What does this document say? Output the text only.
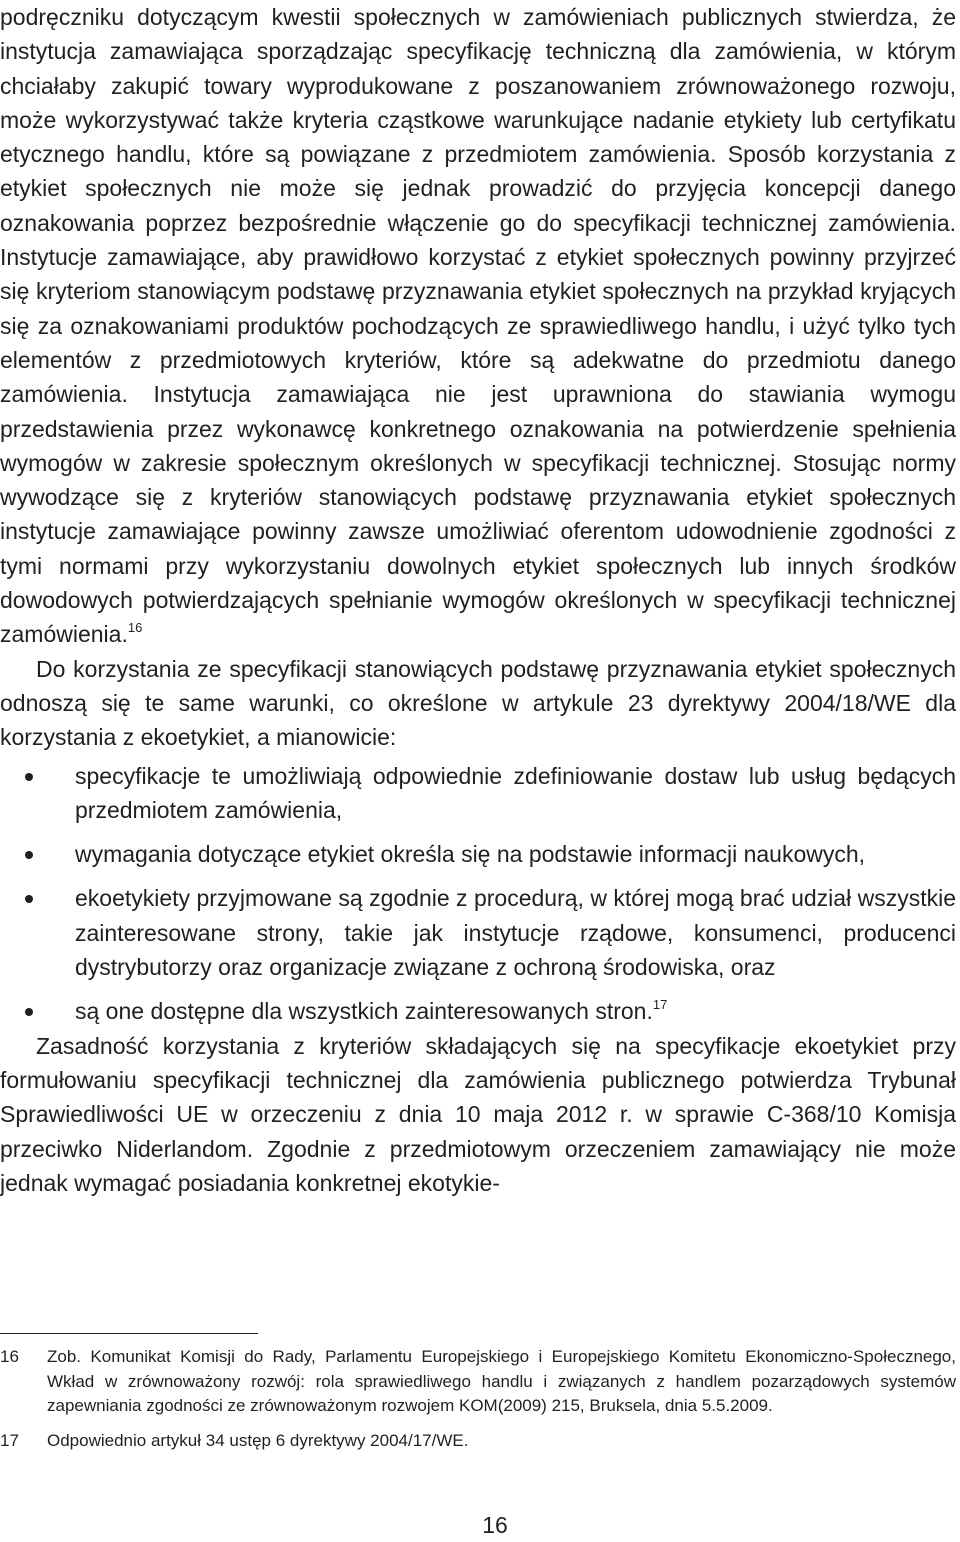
podręczniku dotyczącym kwestii społecznych w zamówieniach publicznych stwierdza, że instytucja zamawiająca sporządzając specyfikację techniczną dla zamówienia, w którym chciałaby zakupić towary wyprodukowane z poszanowaniem zrównoważonego rozwoju, może wykorzystywać także kryteria cząstkowe warunkujące nadanie etykiety lub certyfikatu etycznego handlu, które są powiązane z przedmiotem zamówienia. Sposób korzystania z etykiet społecznych nie może się jednak prowadzić do przyjęcia koncepcji danego oznakowania poprzez bezpośrednie włączenie go do specyfikacji technicznej zamówienia. Instytucje zamawiające, aby prawidłowo korzystać z etykiet społecznych powinny przyjrzeć się kryteriom stanowiącym podstawę przyznawania etykiet społecznych na przykład kryjących się za oznakowaniami produktów pochodzących ze sprawiedliwego handlu, i użyć tylko tych elementów z przedmiotowych kryteriów, które są adekwatne do przedmiotu danego zamówienia. Instytucja zamawiająca nie jest uprawniona do stawiania wymogu przedstawienia przez wykonawcę konkretnego oznakowania na potwierdzenie spełnienia wymogów w zakresie społecznym określonych w specyfikacji technicznej. Stosując normy wywodzące się z kryteriów stanowiących podstawę przyznawania etykiet społecznych instytucje zamawiające powinny zawsze umożliwiać oferentom udowodnienie zgodności z tymi normami przy wykorzystaniu dowolnych etykiet społecznych lub innych środków dowodowych potwierdzających spełnianie wymogów określonych w specyfikacji technicznej zamówienia.$^{16}$

Do korzystania ze specyfikacji stanowiących podstawę przyznawania etykiet społecznych odnoszą się te same warunki, co określone w artykule 23 dyrektywy 2004/18/WE dla korzystania z ekoetykiet, a mianowicie:

specyfikacje te umożliwiają odpowiednie zdefiniowanie dostaw lub usług będących przedmiotem zamówienia,
wymagania dotyczące etykiet określa się na podstawie informacji naukowych,
ekoetykiety przyjmowane są zgodnie z procedurą, w której mogą brać udział wszystkie zainteresowane strony, takie jak instytucje rządowe, konsumenci, producenci dystrybutorzy oraz organizacje związane z ochroną środowiska, oraz
są one dostępne dla wszystkich zainteresowanych stron.$^{17}$

Zasadność korzystania z kryteriów składających się na specyfikacje ekoetykiet przy formułowaniu specyfikacji technicznej dla zamówienia publicznego potwierdza Trybunał Sprawiedliwości UE w orzeczeniu z dnia 10 maja 2012 r. w sprawie C-368/10 Komisja przeciwko Niderlandom. Zgodnie z przedmiotowym orzeczeniem zamawiający nie może jednak wymagać posiadania konkretnej ekotykie-

16 Zob. Komunikat Komisji do Rady, Parlamentu Europejskiego i Europejskiego Komitetu Ekonomiczno-Społecznego, Wkład w zrównoważony rozwój: rola sprawiedliwego handlu i związanych z handlem pozarządowych systemów zapewniania zgodności ze zrównoważonym rozwojem KOM(2009) 215, Bruksela, dnia 5.5.2009.
17 Odpowiednio artykuł 34 ustęp 6 dyrektywy 2004/17/WE.
16
